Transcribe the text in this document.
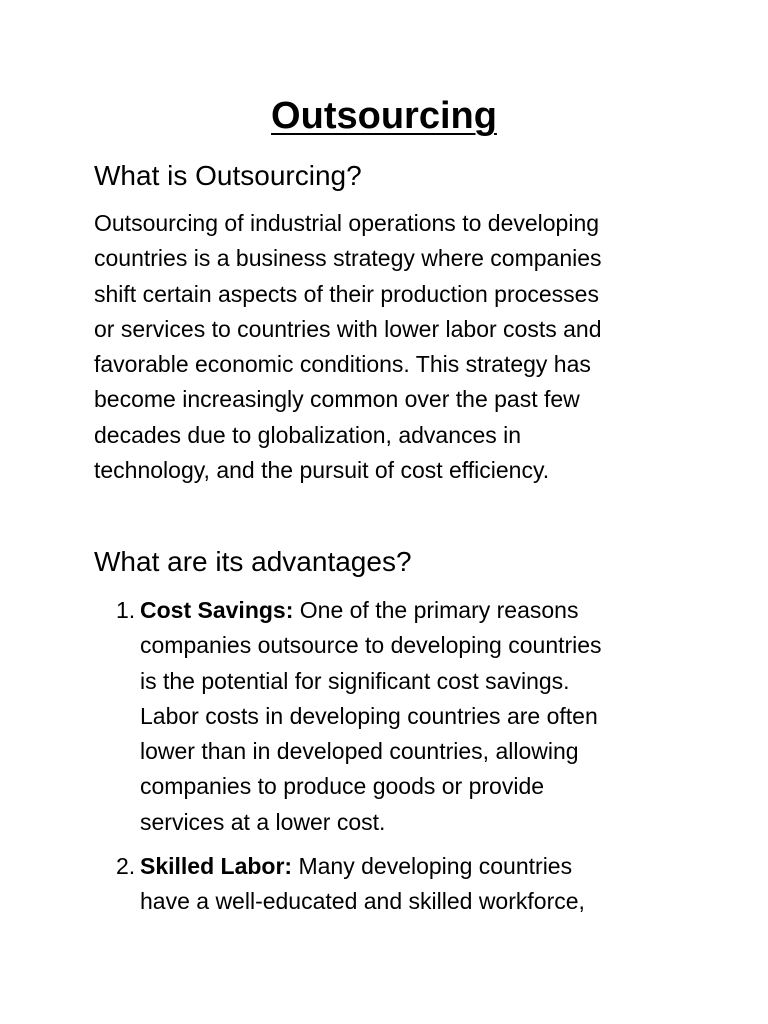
Outsourcing
What is Outsourcing?

Outsourcing of industrial operations to developing
countries is a business strategy where companies
shift certain aspects of their production processes
or services to countries with lower labor costs and
favorable economic conditions. This strategy has
become increasingly common over the past few
decades due to globalization, advances in
technology, and the pursuit of cost efficiency.

What are its advantages?
1. Cost Savings: One of the primary reasons
companies outsource to developing countries
is the potential for significant cost savings.
Labor costs in developing countries are often
lower than in developed countries, allowing
companies to produce goods or provide
services at a lower cost.
2. Skilled Labor: Many developing countries
have a well-educated and skilled workforce,
